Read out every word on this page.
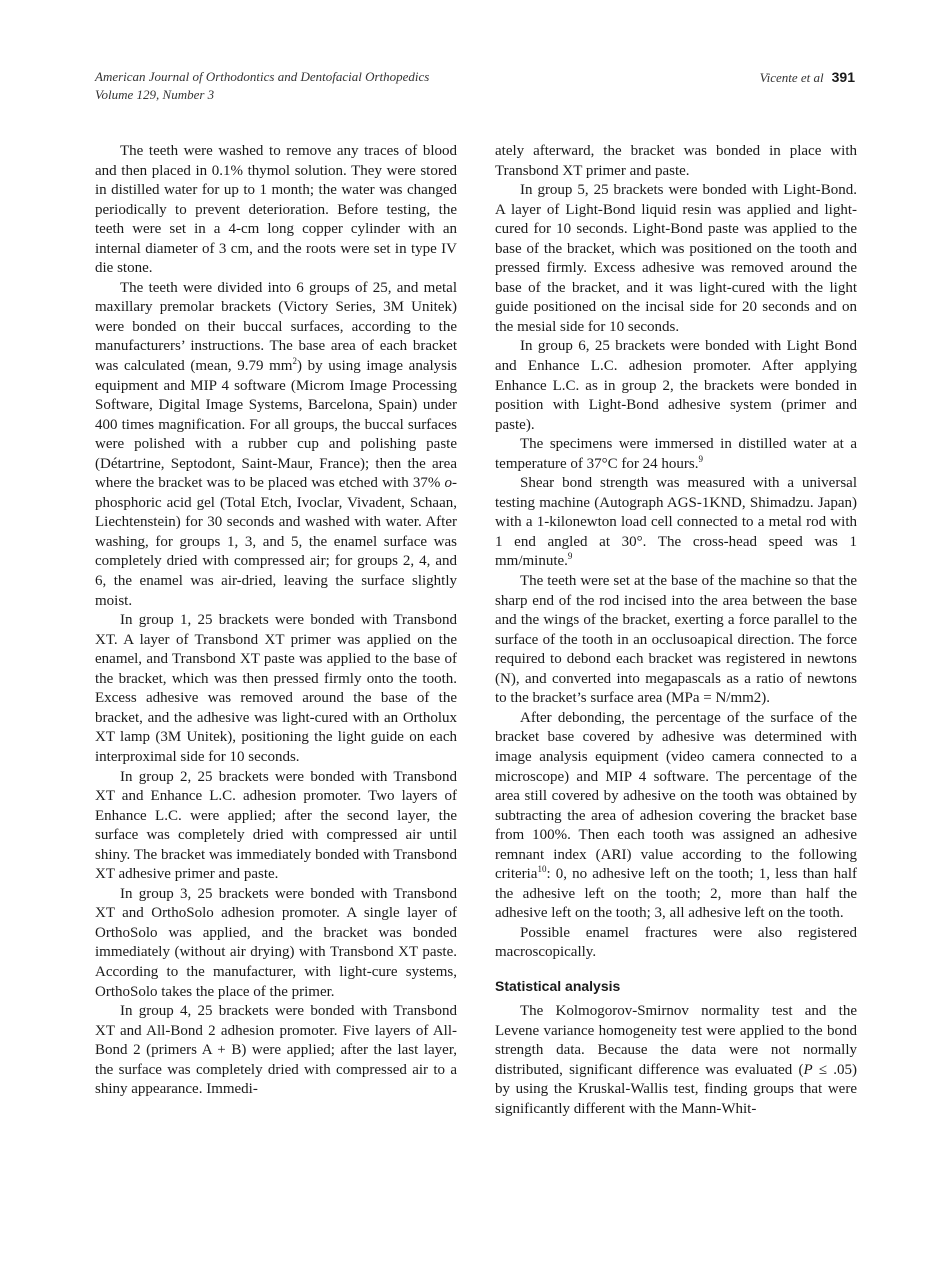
American Journal of Orthodontics and Dentofacial Orthopedics
Volume 129, Number 3
Vicente et al 391

The teeth were washed to remove any traces of blood and then placed in 0.1% thymol solution. They were stored in distilled water for up to 1 month; the water was changed periodically to prevent deterioration. Before testing, the teeth were set in a 4-cm long copper cylinder with an internal diameter of 3 cm, and the roots were set in type IV die stone.

The teeth were divided into 6 groups of 25, and metal maxillary premolar brackets (Victory Series, 3M Unitek) were bonded on their buccal surfaces, according to the manufacturers’ instructions. The base area of each bracket was calculated (mean, 9.79 $mm^2$) by using image analysis equipment and MIP 4 software (Microm Image Processing Software, Digital Image Systems, Barcelona, Spain) under 400 times magnification. For all groups, the buccal surfaces were polished with a rubber cup and polishing paste (Détartrine, Septodont, Saint-Maur, France); then the area where the bracket was to be placed was etched with 37% o-phosphoric acid gel (Total Etch, Ivoclar, Vivadent, Schaan, Liechtenstein) for 30 seconds and washed with water. After washing, for groups 1, 3, and 5, the enamel surface was completely dried with compressed air; for groups 2, 4, and 6, the enamel was air-dried, leaving the surface slightly moist.

In group 1, 25 brackets were bonded with Transbond XT. A layer of Transbond XT primer was applied on the enamel, and Transbond XT paste was applied to the base of the bracket, which was then pressed firmly onto the tooth. Excess adhesive was removed around the base of the bracket, and the adhesive was light-cured with an Ortholux XT lamp (3M Unitek), positioning the light guide on each interproximal side for 10 seconds.

In group 2, 25 brackets were bonded with Transbond XT and Enhance L.C. adhesion promoter. Two layers of Enhance L.C. were applied; after the second layer, the surface was completely dried with compressed air until shiny. The bracket was immediately bonded with Transbond XT adhesive primer and paste.

In group 3, 25 brackets were bonded with Transbond XT and OrthoSolo adhesion promoter. A single layer of OrthoSolo was applied, and the bracket was bonded immediately (without air drying) with Transbond XT paste. According to the manufacturer, with light-cure systems, OrthoSolo takes the place of the primer.

In group 4, 25 brackets were bonded with Transbond XT and All-Bond 2 adhesion promoter. Five layers of All-Bond 2 (primers A + B) were applied; after the last layer, the surface was completely dried with compressed air to a shiny appearance. Immedi-

ately afterward, the bracket was bonded in place with Transbond XT primer and paste.

In group 5, 25 brackets were bonded with Light-Bond. A layer of Light-Bond liquid resin was applied and light-cured for 10 seconds. Light-Bond paste was applied to the base of the bracket, which was positioned on the tooth and pressed firmly. Excess adhesive was removed around the base of the bracket, and it was light-cured with the light guide positioned on the incisal side for 20 seconds and on the mesial side for 10 seconds.

In group 6, 25 brackets were bonded with Light Bond and Enhance L.C. adhesion promoter. After applying Enhance L.C. as in group 2, the brackets were bonded in position with Light-Bond adhesive system (primer and paste).

The specimens were immersed in distilled water at a temperature of 37°C for 24 hours.$^9$

Shear bond strength was measured with a universal testing machine (Autograph AGS-1KND, Shimadzu. Japan) with a 1-kilonewton load cell connected to a metal rod with 1 end angled at 30°. The cross-head speed was 1 mm/minute.$^9$

The teeth were set at the base of the machine so that the sharp end of the rod incised into the area between the base and the wings of the bracket, exerting a force parallel to the surface of the tooth in an occlusoapical direction. The force required to debond each bracket was registered in newtons (N), and converted into megapascals as a ratio of newtons to the bracket’s surface area (MPa = N/mm2).

After debonding, the percentage of the surface of the bracket base covered by adhesive was determined with image analysis equipment (video camera connected to a microscope) and MIP 4 software. The percentage of the area still covered by adhesive on the tooth was obtained by subtracting the area of adhesion covering the bracket base from 100%. Then each tooth was assigned an adhesive remnant index (ARI) value according to the following criteria$^{10}$: 0, no adhesive left on the tooth; 1, less than half the adhesive left on the tooth; 2, more than half the adhesive left on the tooth; 3, all adhesive left on the tooth.

Possible enamel fractures were also registered macroscopically.

Statistical analysis

The Kolmogorov-Smirnov normality test and the Levene variance homogeneity test were applied to the bond strength data. Because the data were not normally distributed, significant difference was evaluated (P ≤ .05) by using the Kruskal-Wallis test, finding groups that were significantly different with the Mann-Whit-
